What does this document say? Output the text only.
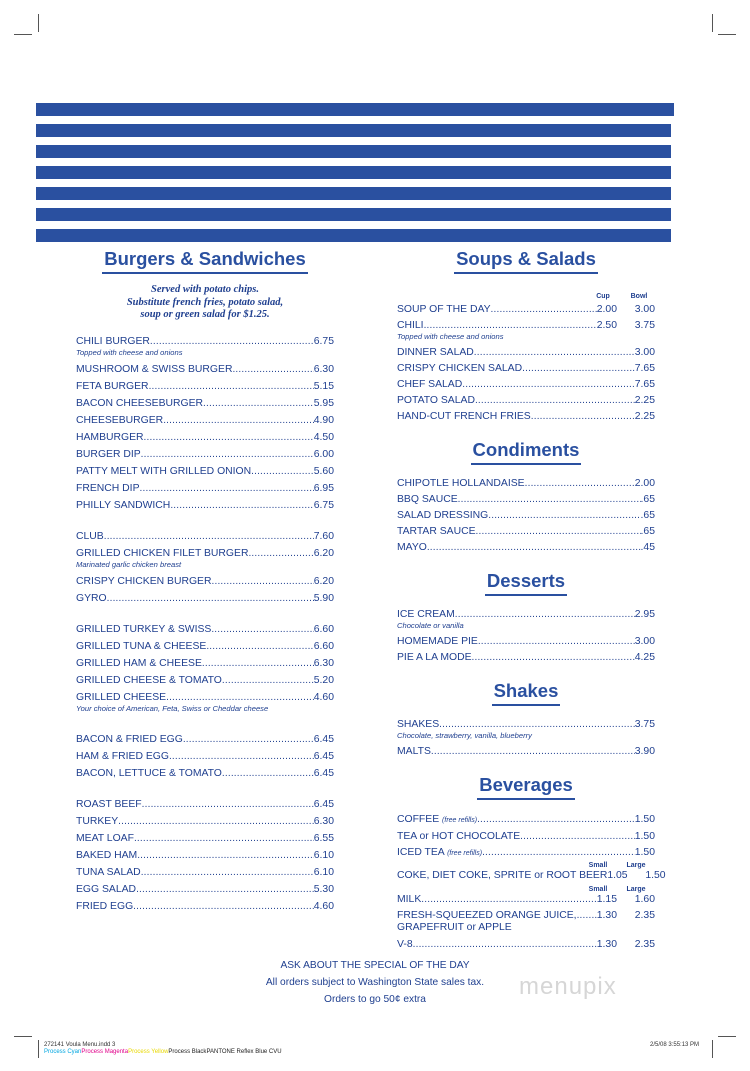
Burgers & Sandwiches
Served with potato chips.
Substitute french fries, potato salad,
soup or green salad for $1.25.
CHILI BURGER .....	6.75
Topped with cheese and onions
MUSHROOM & SWISS BURGER .....	6.30
FETA BURGER .....	5.15
BACON CHEESEBURGER .....	5.95
CHEESEBURGER .....	4.90
HAMBURGER .....	4.50
BURGER DIP .....	6.00
PATTY MELT WITH GRILLED ONION .....	5.60
FRENCH DIP .....	6.95
PHILLY SANDWICH .....	6.75
CLUB .....	7.60
GRILLED CHICKEN FILET BURGER .....	6.20
Marinated garlic chicken breast
CRISPY CHICKEN BURGER .....	6.20
GYRO .....	5.90
GRILLED TURKEY & SWISS .....	6.60
GRILLED TUNA & CHEESE .....	6.60
GRILLED HAM & CHEESE .....	6.30
GRILLED CHEESE & TOMATO .....	5.20
GRILLED CHEESE .....	4.60
Your choice of American, Feta, Swiss or Cheddar cheese
BACON & FRIED EGG .....	6.45
HAM & FRIED EGG .....	6.45
BACON, LETTUCE & TOMATO .....	6.45
ROAST BEEF .....	6.45
TURKEY .....	6.30
MEAT LOAF .....	6.55
BAKED HAM .....	6.10
TUNA SALAD .....	6.10
EGG SALAD .....	5.30
FRIED EGG .....	4.60
Soups & Salads
Cup	Bowl
SOUP OF THE DAY .....	2.00	3.00
CHILI .....	2.50	3.75
Topped with cheese and onions
DINNER SALAD .....	3.00
CRISPY CHICKEN SALAD .....	7.65
CHEF SALAD .....	7.65
POTATO SALAD .....	2.25
HAND-CUT FRENCH FRIES .....	2.25
Condiments
CHIPOTLE HOLLANDAISE .....	2.00
BBQ SAUCE .....	.65
SALAD DRESSING .....	.65
TARTAR SAUCE .....	.65
MAYO .....	.45
Desserts
ICE CREAM .....	2.95
Chocolate or vanilla
HOMEMADE PIE .....	3.00
PIE A LA MODE .....	4.25
Shakes
SHAKES .....	3.75
Chocolate, strawberry, vanilla, blueberry
MALTS .....	3.90
Beverages
COFFEE (free refills) .....	1.50
TEA or HOT CHOCOLATE .....	1.50
ICED TEA (free refills) .....	1.50
Small	Large
COKE, DIET COKE, SPRITE or ROOT BEER 1.05	1.50
Small	Large
MILK .....	1.15	1.60
FRESH-SQUEEZED ORANGE JUICE, ..... 1.30	2.35
GRAPEFRUIT or APPLE
V-8 .....	1.30	2.35
ASK ABOUT THE SPECIAL OF THE DAY
All orders subject to Washington State sales tax.
Orders to go 50¢ extra	menupix
272141 Voula Menu.indd 3
Process CyanProcess MagentaProcess YellowProcess BlackPANTONE Reflex Blue CVU
2/5/08 3:55:13 PM
